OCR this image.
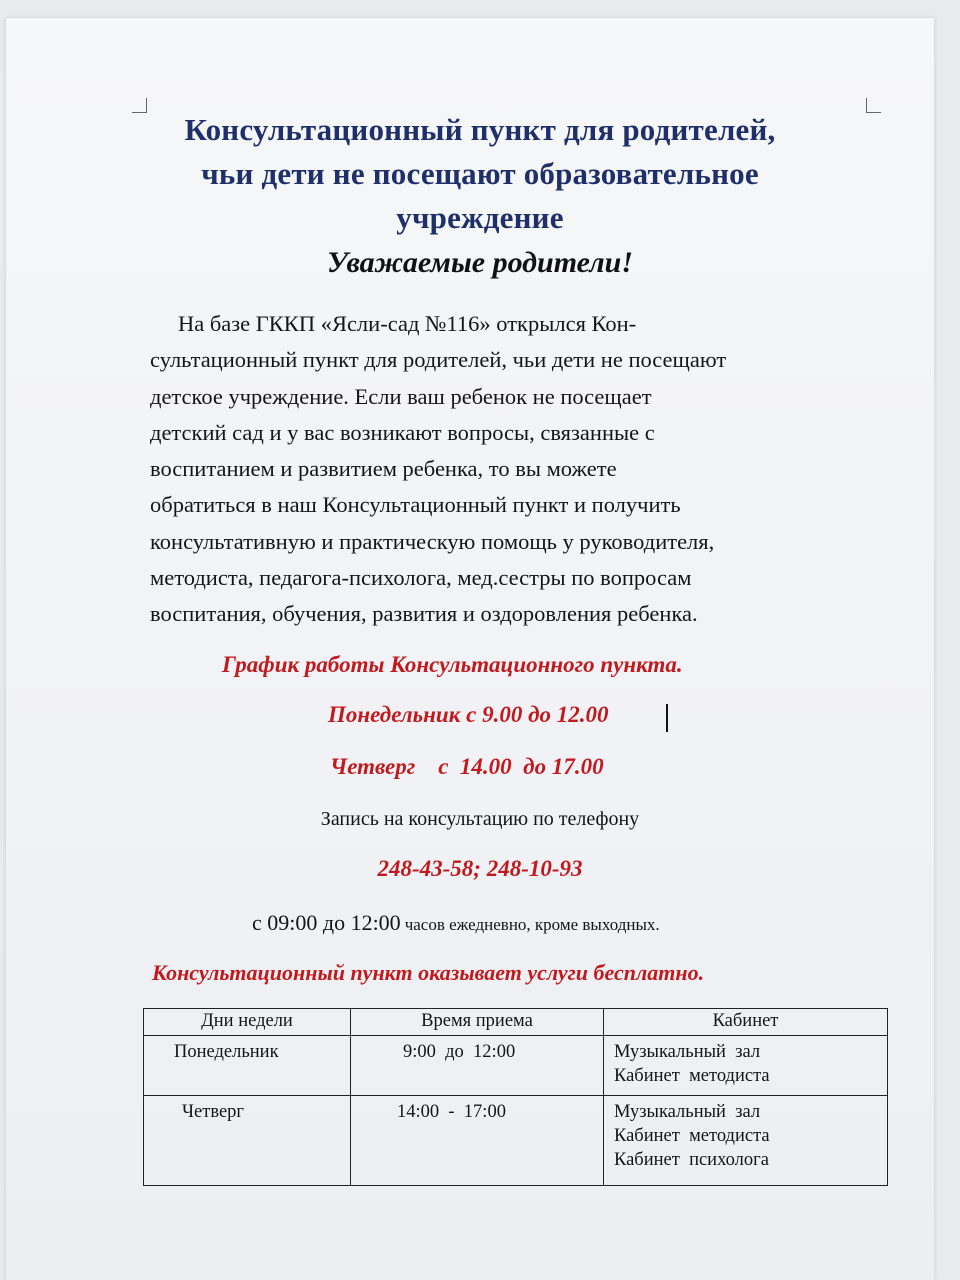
Консультационный пункт для родителей,
чьи дети не посещают образовательное
учреждение
Уважаемые родители!
На базе ГККП «Ясли-сад №116» открылся Кон-
сультационный пункт для родителей, чьи дети не посещают
детское учреждение. Если ваш ребенок не посещает
детский сад и у вас возникают вопросы, связанные с
воспитанием и развитием ребенка, то вы можете
обратиться в наш Консультационный пункт и получить
консультативную и практическую помощь у руководителя,
методиста, педагога-психолога, мед.сестры по вопросам
воспитания, обучения, развития и оздоровления ребенка.
График работы Консультационного пункта.
Понедельник с 9.00 до 12.00
Четверг    с  14.00  до 17.00
Запись на консультацию по телефону
248-43-58; 248-10-93
с 09:00 до 12:00 часов ежедневно, кроме выходных.
Консультационный пункт оказывает услуги бесплатно.
Дни недели	Время приема	Кабинет

Понедельник	9:00  до  12:00	Музыкальный  зал
Кабинет  методиста

Четверг	14:00  -  17:00	Музыкальный  зал
Кабинет  методиста
Кабинет  психолога
